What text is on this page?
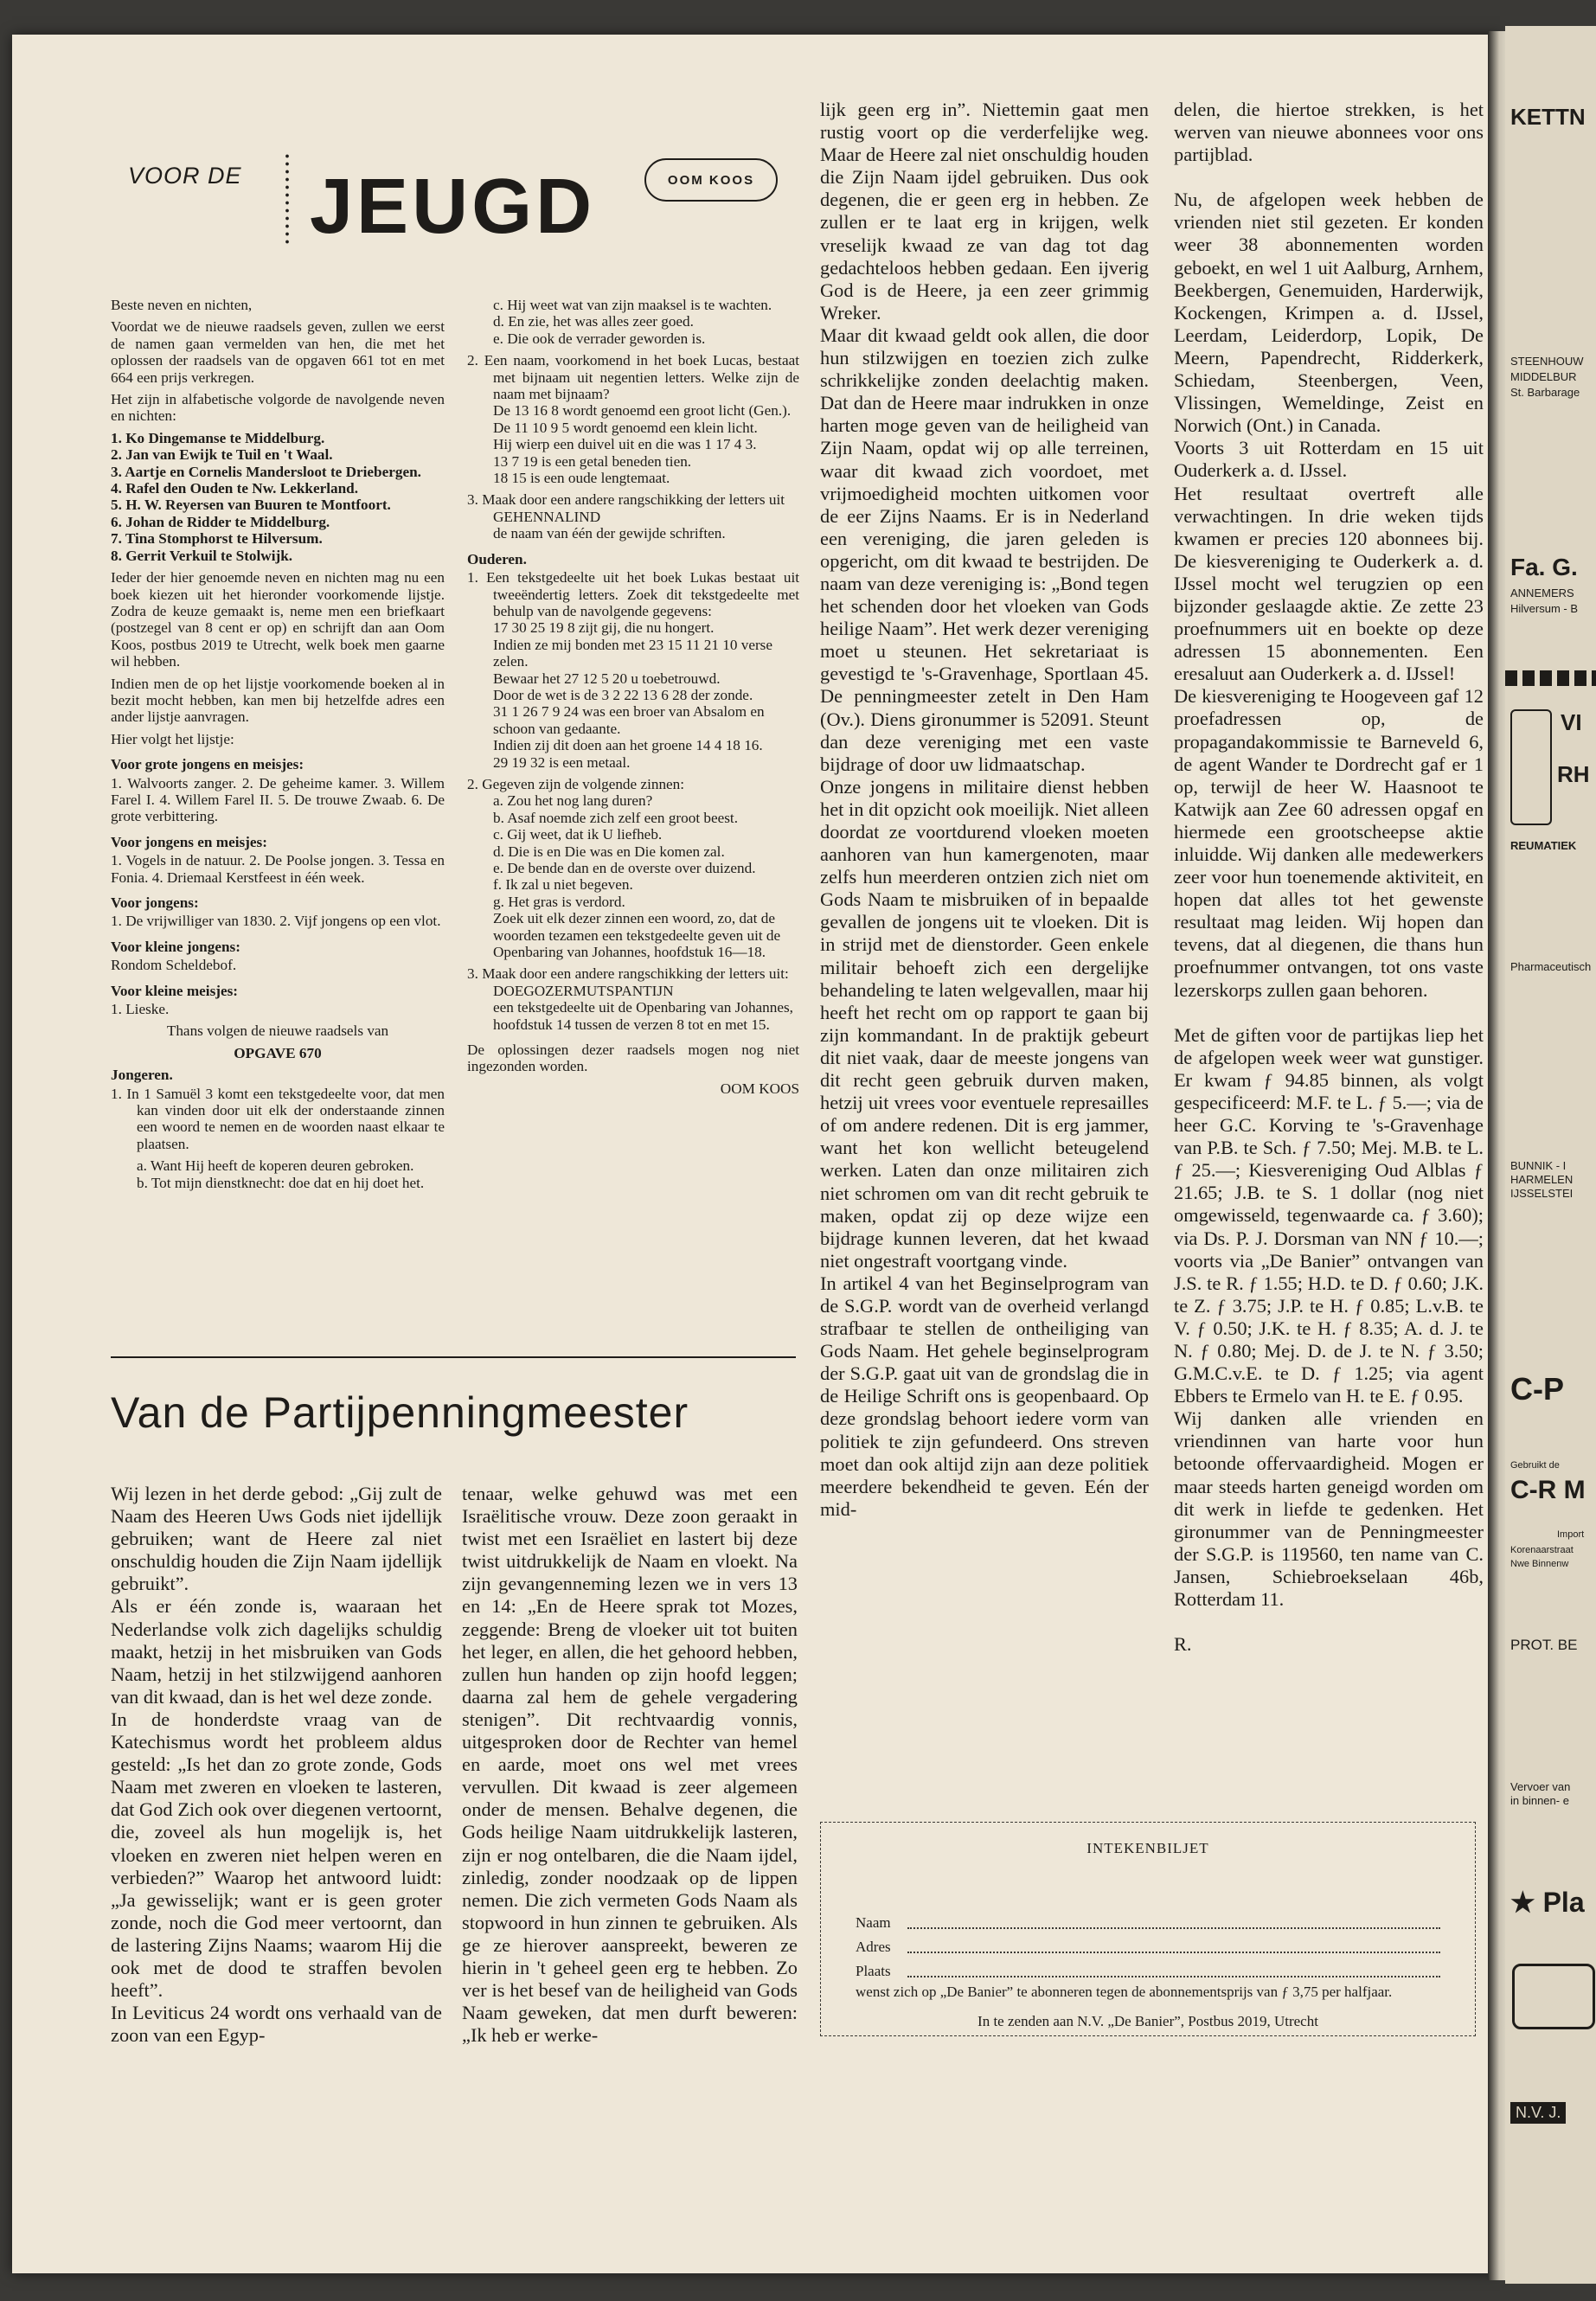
VOOR DE JEUGD	OOM KOOS

Beste neven en nichten,

Voordat we de nieuwe raadsels geven, zullen we eerst de namen gaan vermelden van hen, die met het oplossen der raadsels van de opgaven 661 tot en met 664 een prijs verkregen.

Het zijn in alfabetische volgorde de navolgende neven en nichten:

1. Ko Dingemanse te Middelburg.
2. Jan van Ewijk te Tuil en 't Waal.
3. Aartje en Cornelis Mandersloot te Driebergen.
4. Rafel den Ouden te Nw. Lekkerland.
5. H. W. Reyersen van Buuren te Montfoort.
6. Johan de Ridder te Middelburg.
7. Tina Stomphorst te Hilversum.
8. Gerrit Verkuil te Stolwijk.

Ieder der hier genoemde neven en nichten mag nu een boek kiezen uit het hieronder voorkomende lijstje. Zodra de keuze gemaakt is, neme men een briefkaart (postzegel van 8 cent er op) en schrijft dan aan Oom Koos, postbus 2019 te Utrecht, welk boek men gaarne wil hebben.

Indien men de op het lijstje voorkomende boeken al in bezit mocht hebben, kan men bij hetzelfde adres een ander lijstje aanvragen.

Hier volgt het lijstje:

Voor grote jongens en meisjes:

1. Walvoorts zanger. 2. De geheime kamer. 3. Willem Farel I. 4. Willem Farel II. 5. De trouwe Zwaab. 6. De grote verbittering.

Voor jongens en meisjes:

1. Vogels in de natuur. 2. De Poolse jongen. 3. Tessa en Fonia. 4. Driemaal Kerstfeest in één week.

Voor jongens:

1. De vrijwilliger van 1830. 2. Vijf jongens op een vlot.

Voor kleine jongens:

Rondom Scheldebof.

Voor kleine meisjes:

1. Lieske.

Thans volgen de nieuwe raadsels van

OPGAVE 670

Jongeren.
1. In 1 Samuël 3 komt een tekstgedeelte voor, dat men kan vinden door uit elk der onderstaande zinnen een woord te nemen en de woorden naast elkaar te plaatsen.
a. Want Hij heeft de koperen deuren gebroken.
b. Tot mijn dienstknecht: doe dat en hij doet het.
c. Hij weet wat van zijn maaksel is te wachten.
d. En zie, het was alles zeer goed.
e. Die ook de verrader geworden is.
2. Een naam, voorkomend in het boek Lucas, bestaat met bijnaam uit negentien letters. Welke zijn de naam met bijnaam?
De 13 16 8 wordt genoemd een groot licht (Gen.).
De 11 10 9 5 wordt genoemd een klein licht.
Hij wierp een duivel uit en die was 1 17 4 3.
13 7 19 is een getal beneden tien.
18 15 is een oude lengtemaat.
3. Maak door een andere rangschikking der letters uit
GEHENNALIND
de naam van één der gewijde schriften.
Ouderen.
1. Een tekstgedeelte uit het boek Lukas bestaat uit tweeëndertig letters. Zoek dit tekstgedeelte met behulp van de navolgende gegevens:
17 30 25 19 8 zijt gij, die nu hongert.
Indien ze mij bonden met 23 15 11 21 10 verse zelen.
Bewaar het 27 12 5 20 u toebetrouwd.
Door de wet is de 3 2 22 13 6 28 der zonde.
31 1 26 7 9 24 was een broer van Absalom en schoon van gedaante.
Indien zij dit doen aan het groene 14 4 18 16.
29 19 32 is een metaal.
2. Gegeven zijn de volgende zinnen:
a. Zou het nog lang duren?
b. Asaf noemde zich zelf een groot beest.
c. Gij weet, dat ik U liefheb.
d. Die is en Die was en Die komen zal.
e. De bende dan en de overste over duizend.
f. Ik zal u niet begeven.
g. Het gras is verdord.
Zoek uit elk dezer zinnen een woord, zo, dat de woorden tezamen een tekstgedeelte geven uit de Openbaring van Johannes, hoofdstuk 16—18.
3. Maak door een andere rangschikking der letters uit:
DOEGOZERMUTSPANTIJN
een tekstgedeelte uit de Openbaring van Johannes, hoofdstuk 14 tussen de verzen 8 tot en met 15.

De oplossingen dezer raadsels mogen nog niet ingezonden worden.

OOM KOOS
Van de Partijpenningmeester

Wij lezen in het derde gebod: „Gij zult de Naam des Heeren Uws Gods niet ijdellijk gebruiken; want de Heere zal niet onschuldig houden die Zijn Naam ijdellijk gebruikt”.

Als er één zonde is, waaraan het Nederlandse volk zich dagelijks schuldig maakt, hetzij in het misbruiken van Gods Naam, hetzij in het stilzwijgend aanhoren van dit kwaad, dan is het wel deze zonde.

In de honderdste vraag van de Katechismus wordt het probleem aldus gesteld: „Is het dan zo grote zonde, Gods Naam met zweren en vloeken te lasteren, dat God Zich ook over diegenen vertoornt, die, zoveel als hun mogelijk is, het vloeken en zweren niet helpen weren en verbieden?” Waarop het antwoord luidt: „Ja gewisselijk; want er is geen groter zonde, noch die God meer vertoornt, dan de lastering Zijns Naams; waarom Hij die ook met de dood te straffen bevolen heeft”.

In Leviticus 24 wordt ons verhaald van de zoon van een Egyp-

tenaar, welke gehuwd was met een Israëlitische vrouw. Deze zoon geraakt in twist met een Israëliet en lastert bij deze twist uitdrukkelijk de Naam en vloekt. Na zijn gevangenneming lezen we in vers 13 en 14: „En de Heere sprak tot Mozes, zeggende: Breng de vloeker uit tot buiten het leger, en allen, die het gehoord hebben, zullen hun handen op zijn hoofd leggen; daarna zal hem de gehele vergadering stenigen”. Dit rechtvaardig vonnis, uitgesproken door de Rechter van hemel en aarde, moet ons wel met vrees vervullen. Dit kwaad is zeer algemeen onder de mensen. Behalve degenen, die Gods heilige Naam uitdrukkelijk lasteren, zijn er nog ontelbaren, die die Naam ijdel, zinledig, zonder noodzaak op de lippen nemen. Die zich vermeten Gods Naam als stopwoord in hun zinnen te gebruiken. Als ge ze hierover aanspreekt, beweren ze hierin in 't geheel geen erg te hebben. Zo ver is het besef van de heiligheid van Gods Naam geweken, dat men durft beweren: „Ik heb er werke-

lijk geen erg in”. Niettemin gaat men rustig voort op die verderfelijke weg. Maar de Heere zal niet onschuldig houden die Zijn Naam ijdel gebruiken. Dus ook degenen, die er geen erg in hebben. Ze zullen er te laat erg in krijgen, welk vreselijk kwaad ze van dag tot dag gedachteloos hebben gedaan. Een ijverig God is de Heere, ja een zeer grimmig Wreker.

Maar dit kwaad geldt ook allen, die door hun stilzwijgen en toezien zich zulke schrikkelijke zonden deelachtig maken. Dat dan de Heere maar indrukken in onze harten moge geven van de heiligheid van Zijn Naam, opdat wij op alle terreinen, waar dit kwaad zich voordoet, met vrijmoedigheid mochten uitkomen voor de eer Zijns Naams. Er is in Nederland een vereniging, die jaren geleden is opgericht, om dit kwaad te bestrijden. De naam van deze vereniging is: „Bond tegen het schenden door het vloeken van Gods heilige Naam”. Het werk dezer vereniging moet u steunen. Het sekretariaat is gevestigd te 's-Gravenhage, Sportlaan 45. De penningmeester zetelt in Den Ham (Ov.). Diens gironummer is 52091. Steunt dan deze vereniging met een vaste bijdrage of door uw lidmaatschap.

Onze jongens in militaire dienst hebben het in dit opzicht ook moeilijk. Niet alleen doordat ze voortdurend vloeken moeten aanhoren van hun kamergenoten, maar zelfs hun meerderen ontzien zich niet om Gods Naam te misbruiken of in bepaalde gevallen de jongens uit te vloeken. Dit is in strijd met de dienstorder. Geen enkele militair behoeft zich een dergelijke behandeling te laten welgevallen, maar hij heeft het recht om op rapport te gaan bij zijn kommandant. In de praktijk gebeurt dit niet vaak, daar de meeste jongens van dit recht geen gebruik durven maken, hetzij uit vrees voor eventuele represailles of om andere redenen. Dit is erg jammer, want het kon wellicht beteugelend werken. Laten dan onze militairen zich niet schromen om van dit recht gebruik te maken, opdat zij op deze wijze een bijdrage kunnen leveren, dat het kwaad niet ongestraft voortgang vinde.

In artikel 4 van het Beginselprogram van de S.G.P. wordt van de overheid verlangd strafbaar te stellen de ontheiliging van Gods Naam. Het gehele beginselprogram der S.G.P. gaat uit van de grondslag die in de Heilige Schrift ons is geopenbaard. Op deze grondslag behoort iedere vorm van politiek te zijn gefundeerd. Ons streven moet dan ook altijd zijn aan deze politiek meerdere bekendheid te geven. Eén der mid-

delen, die hiertoe strekken, is het werven van nieuwe abonnees voor ons partijblad.

Nu, de afgelopen week hebben de vrienden niet stil gezeten. Er konden weer 38 abonnementen worden geboekt, en wel 1 uit Aalburg, Arnhem, Beekbergen, Genemuiden, Harderwijk, Kockengen, Krimpen a. d. IJssel, Leerdam, Leiderdorp, Lopik, De Meern, Papendrecht, Ridderkerk, Schiedam, Steenbergen, Veen, Vlissingen, Wemeldinge, Zeist en Norwich (Ont.) in Canada.

Voorts 3 uit Rotterdam en 15 uit Ouderkerk a. d. IJssel.

Het resultaat overtreft alle verwachtingen. In drie weken tijds kwamen er precies 120 abonnees bij. De kiesvereniging te Ouderkerk a. d. IJssel mocht wel terugzien op een bijzonder geslaagde aktie. Ze zette 23 proefnummers uit en boekte op deze adressen 15 abonnementen. Een eresaluut aan Ouderkerk a. d. IJssel!

De kiesvereniging te Hoogeveen gaf 12 proefadressen op, de propagandakommissie te Barneveld 6, de agent Wander te Dordrecht gaf er 1 op, terwijl de heer W. Haasnoot te Katwijk aan Zee 60 adressen opgaf en hiermede een grootscheepse aktie inluidde. Wij danken alle medewerkers zeer voor hun toenemende aktiviteit, en hopen dat alles tot het gewenste resultaat mag leiden. Wij hopen dan tevens, dat al diegenen, die thans hun proefnummer ontvangen, tot ons vaste lezerskorps zullen gaan behoren.

Met de giften voor de partijkas liep het de afgelopen week weer wat gunstiger. Er kwam ƒ 94.85 binnen, als volgt gespecificeerd: M.F. te L. ƒ 5.—; via de heer G.C. Korving te 's-Gravenhage van P.B. te Sch. ƒ 7.50; Mej. M.B. te L. ƒ 25.—; Kiesvereniging Oud Alblas ƒ 21.65; J.B. te S. 1 dollar (nog niet omgewisseld, tegenwaarde ca. ƒ 3.60); via Ds. P. J. Dorsman van NN ƒ 10.—; voorts via „De Banier” ontvangen van J.S. te R. ƒ 1.55; H.D. te D. ƒ 0.60; J.K. te Z. ƒ 3.75; J.P. te H. ƒ 0.85; L.v.B. te V. ƒ 0.50; J.K. te H. ƒ 8.35; A. d. J. te N. ƒ 0.80; Mej. D. de J. te N. ƒ 3.50; G.M.C.v.E. te D. ƒ 1.25; via agent Ebbers te Ermelo van H. te E. ƒ 0.95.

Wij danken alle vrienden en vriendinnen van harte voor hun betoonde offervaardigheid. Mogen er maar steeds harten geneigd worden om dit werk in liefde te gedenken. Het gironummer van de Penningmeester der S.G.P. is 119560, ten name van C. Jansen, Schiebroekselaan 46b, Rotterdam 11.

R.

INTEKENBILJET
Naam
Adres
Plaats
wenst zich op „De Banier” te abonneren tegen de abonnementsprijs van ƒ 3,75 per halfjaar.
In te zenden aan N.V. „De Banier”, Postbus 2019, Utrecht
KETTN
STEENHOUW
MIDDELBUR
St. Barbarage
Fa. G.
ANNEMERS
Hilversum - B
VI
RH
REUMATIEK
Pharmaceutisch
BUNNIK - I
HARMELEN
IJSSELSTEI
C-P
Gebruikt de
C-R M
Import
Korenaarstraat
Nwe Binnenw
PROT. BE
Vervoer van
in binnen- e
★ Pla
N.V. J.
